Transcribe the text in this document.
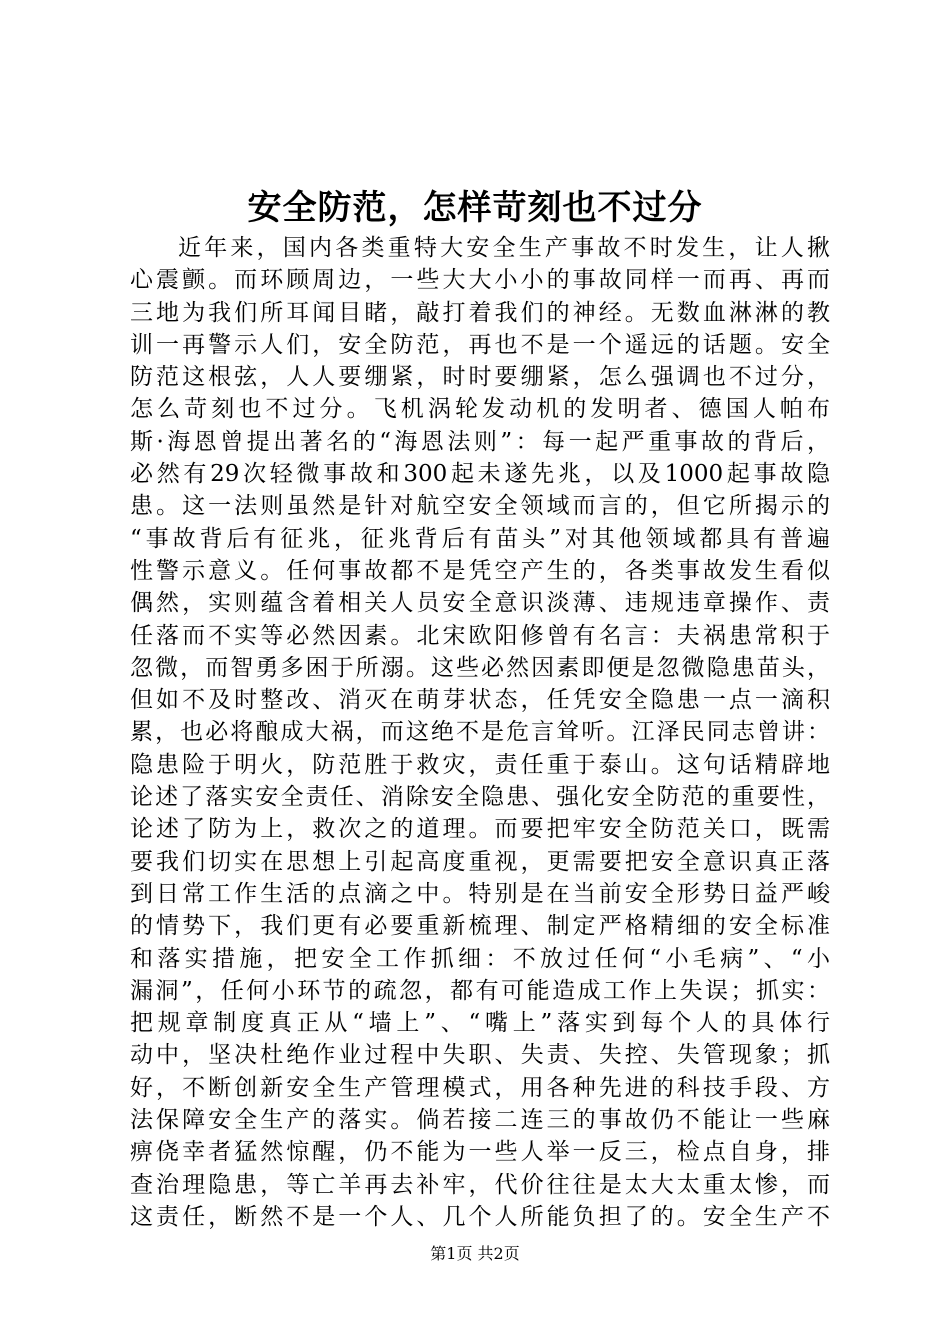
安全防范，怎样苛刻也不过分
近年来，国内各类重特大安全生产事故不时发生，让人揪
心震颤。而环顾周边，一些大大小小的事故同样一而再、再而
三地为我们所耳闻目睹，敲打着我们的神经。无数血淋淋的教
训一再警示人们，安全防范，再也不是一个遥远的话题。安全
防范这根弦，人人要绷紧，时时要绷紧，怎么强调也不过分，
怎么苛刻也不过分。飞机涡轮发动机的发明者、德国人帕布
斯·海恩曾提出著名的“海恩法则”：每一起严重事故的背后，
必然有29次轻微事故和300起未遂先兆，以及1000起事故隐
患。这一法则虽然是针对航空安全领域而言的，但它所揭示的
“事故背后有征兆，征兆背后有苗头”对其他领域都具有普遍
性警示意义。任何事故都不是凭空产生的，各类事故发生看似
偶然，实则蕴含着相关人员安全意识淡薄、违规违章操作、责
任落而不实等必然因素。北宋欧阳修曾有名言：夫祸患常积于
忽微，而智勇多困于所溺。这些必然因素即便是忽微隐患苗头，
但如不及时整改、消灭在萌芽状态，任凭安全隐患一点一滴积
累，也必将酿成大祸，而这绝不是危言耸听。江泽民同志曾讲：
隐患险于明火，防范胜于救灾，责任重于泰山。这句话精辟地
论述了落实安全责任、消除安全隐患、强化安全防范的重要性，
论述了防为上，救次之的道理。而要把牢安全防范关口，既需
要我们切实在思想上引起高度重视，更需要把安全意识真正落
到日常工作生活的点滴之中。特别是在当前安全形势日益严峻
的情势下，我们更有必要重新梳理、制定严格精细的安全标准
和落实措施，把安全工作抓细：不放过任何“小毛病”、“小
漏洞”，任何小环节的疏忽，都有可能造成工作上失误；抓实：
把规章制度真正从“墙上”、“嘴上”落实到每个人的具体行
动中，坚决杜绝作业过程中失职、失责、失控、失管现象；抓
好，不断创新安全生产管理模式，用各种先进的科技手段、方
法保障安全生产的落实。倘若接二连三的事故仍不能让一些麻
痹侥幸者猛然惊醒，仍不能为一些人举一反三，检点自身，排
查治理隐患，等亡羊再去补牢，代价往往是太大太重太惨，而
这责任，断然不是一个人、几个人所能负担了的。安全生产不
第1页 共2页
